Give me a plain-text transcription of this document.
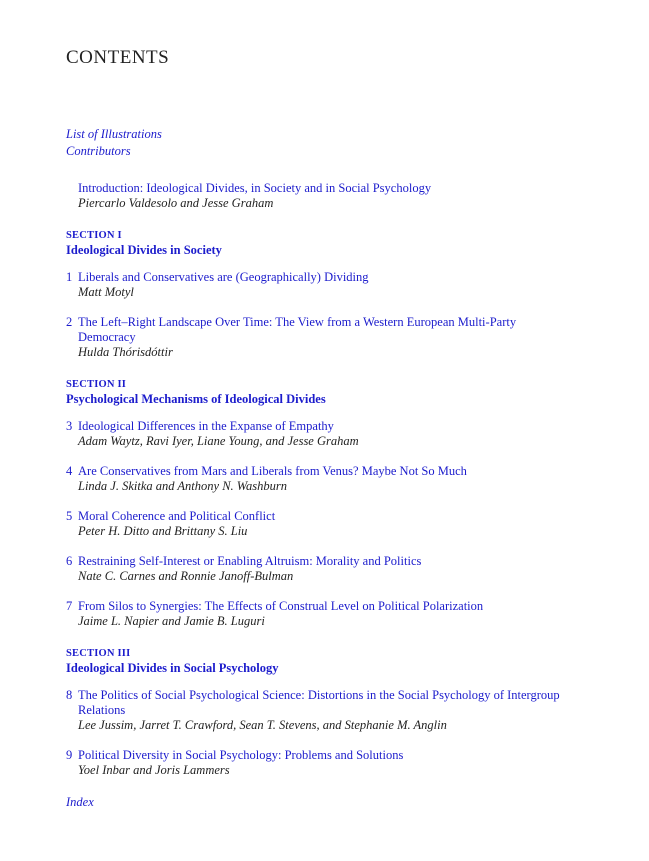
CONTENTS
List of Illustrations
Contributors
Introduction: Ideological Divides, in Society and in Social Psychology
Piercarlo Valdesolo and Jesse Graham
SECTION I
Ideological Divides in Society
1 Liberals and Conservatives are (Geographically) Dividing
Matt Motyl
2 The Left–Right Landscape Over Time: The View from a Western European Multi-Party Democracy
Hulda Thórisdóttir
SECTION II
Psychological Mechanisms of Ideological Divides
3 Ideological Differences in the Expanse of Empathy
Adam Waytz, Ravi Iyer, Liane Young, and Jesse Graham
4 Are Conservatives from Mars and Liberals from Venus? Maybe Not So Much
Linda J. Skitka and Anthony N. Washburn
5 Moral Coherence and Political Conflict
Peter H. Ditto and Brittany S. Liu
6 Restraining Self-Interest or Enabling Altruism: Morality and Politics
Nate C. Carnes and Ronnie Janoff-Bulman
7 From Silos to Synergies: The Effects of Construal Level on Political Polarization
Jaime L. Napier and Jamie B. Luguri
SECTION III
Ideological Divides in Social Psychology
8 The Politics of Social Psychological Science: Distortions in the Social Psychology of Intergroup Relations
Lee Jussim, Jarret T. Crawford, Sean T. Stevens, and Stephanie M. Anglin
9 Political Diversity in Social Psychology: Problems and Solutions
Yoel Inbar and Joris Lammers
Index
